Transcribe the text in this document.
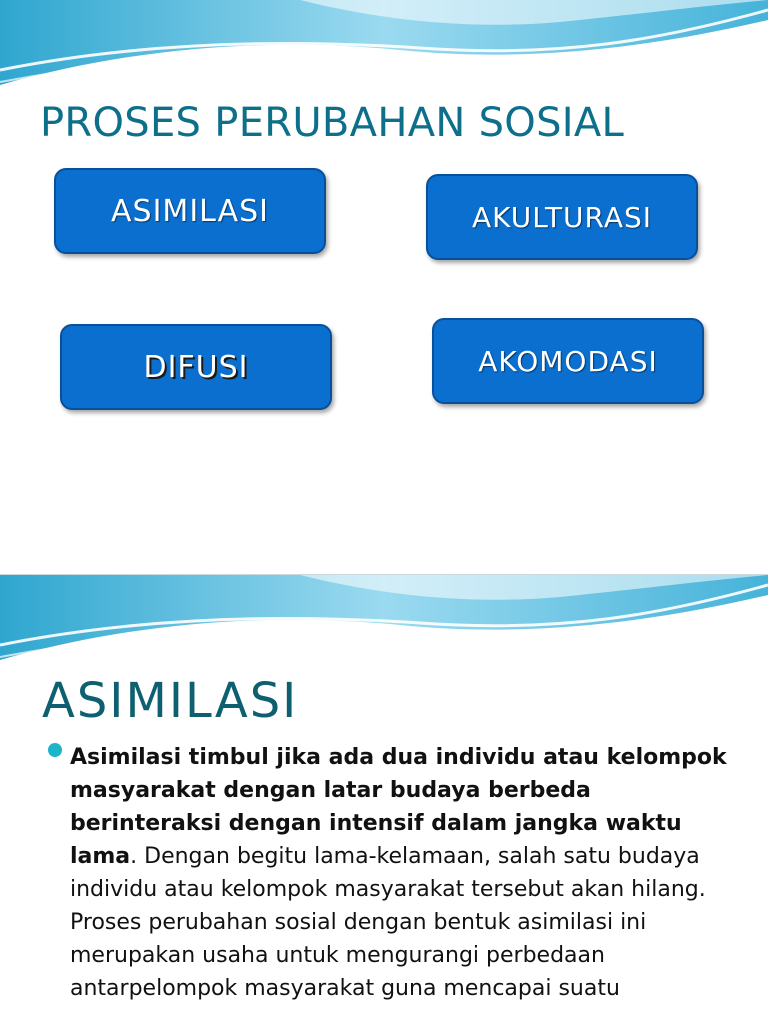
PROSES PERUBAHAN SOSIAL
ASIMILASI	AKULTURASI
DIFUSI	AKOMODASI
ASIMILASI

Asimilasi timbul jika ada dua individu atau kelompok masyarakat dengan latar budaya berbeda berinteraksi dengan intensif dalam jangka waktu lama. Dengan begitu lama-kelamaan, salah satu budaya individu atau kelompok masyarakat tersebut akan hilang. Proses perubahan sosial dengan bentuk asimilasi ini merupakan usaha untuk mengurangi perbedaan antarpelompok masyarakat guna mencapai suatu
